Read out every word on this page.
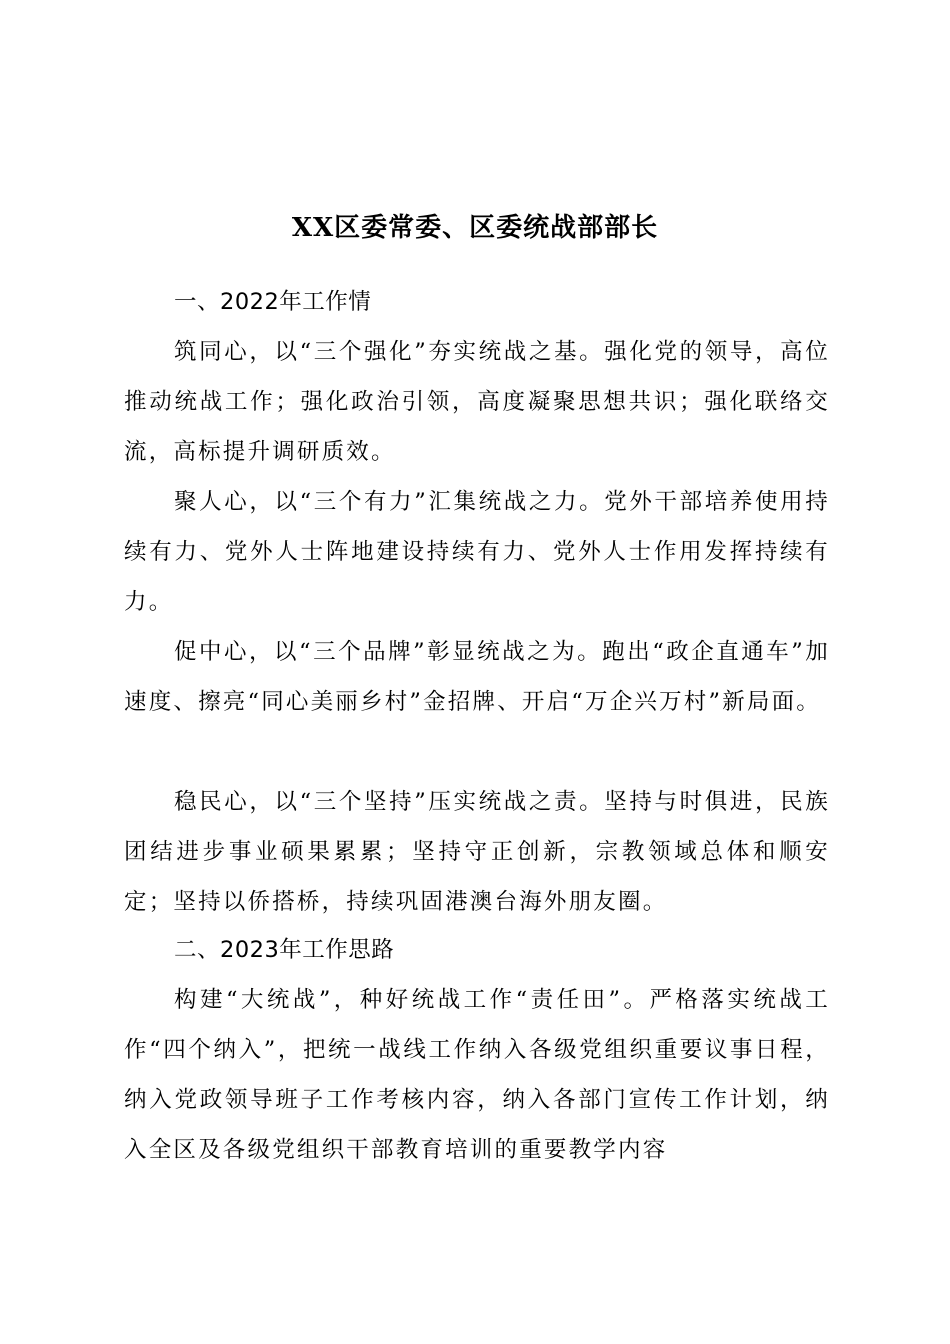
XX区委常委、区委统战部部长
一、2022年工作情
筑同心，以“三个强化”夯实统战之基。强化党的领导，高位推动统战工作；强化政治引领，高度凝聚思想共识；强化联络交流，高标提升调研质效。
聚人心，以“三个有力”汇集统战之力。党外干部培养使用持续有力、党外人士阵地建设持续有力、党外人士作用发挥持续有力。
促中心，以“三个品牌”彰显统战之为。跑出“政企直通车”加速度、擦亮“同心美丽乡村”金招牌、开启“万企兴万村”新局面。
稳民心，以“三个坚持”压实统战之责。坚持与时俱进，民族团结进步事业硕果累累；坚持守正创新，宗教领域总体和顺安定；坚持以侨搭桥，持续巩固港澳台海外朋友圈。
二、2023年工作思路
构建“大统战”，种好统战工作“责任田”。严格落实统战工作“四个纳入”，把统一战线工作纳入各级党组织重要议事日程，纳入党政领导班子工作考核内容，纳入各部门宣传工作计划，纳入全区及各级党组织干部教育培训的重要教学内容
